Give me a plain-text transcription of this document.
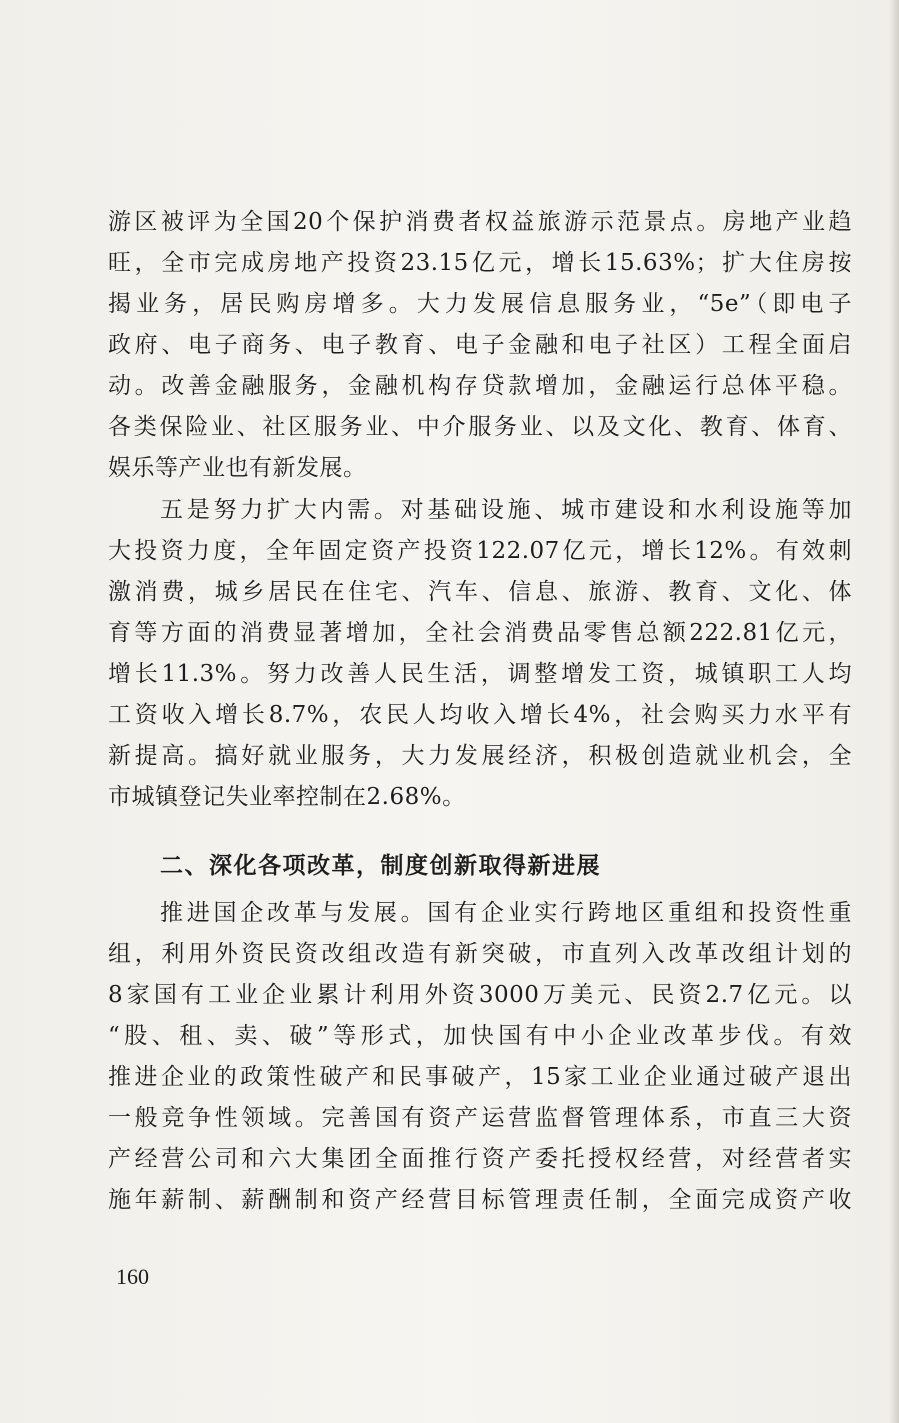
游区被评为全国20个保护消费者权益旅游示范景点。房地产业趋
旺，全市完成房地产投资23.15亿元，增长15.63%；扩大住房按
揭业务，居民购房增多。大力发展信息服务业，“5e”（即电子
政府、电子商务、电子教育、电子金融和电子社区）工程全面启
动。改善金融服务，金融机构存贷款增加，金融运行总体平稳。
各类保险业、社区服务业、中介服务业、以及文化、教育、体育、
娱乐等产业也有新发展。
五是努力扩大内需。对基础设施、城市建设和水利设施等加
大投资力度，全年固定资产投资122.07亿元，增长12%。有效刺
激消费，城乡居民在住宅、汽车、信息、旅游、教育、文化、体
育等方面的消费显著增加，全社会消费品零售总额222.81亿元，
增长11.3%。努力改善人民生活，调整增发工资，城镇职工人均
工资收入增长8.7%，农民人均收入增长4%，社会购买力水平有
新提高。搞好就业服务，大力发展经济，积极创造就业机会，全
市城镇登记失业率控制在2.68%。
二、深化各项改革，制度创新取得新进展
推进国企改革与发展。国有企业实行跨地区重组和投资性重
组，利用外资民资改组改造有新突破，市直列入改革改组计划的
8家国有工业企业累计利用外资3000万美元、民资2.7亿元。以
“股、租、卖、破”等形式，加快国有中小企业改革步伐。有效
推进企业的政策性破产和民事破产，15家工业企业通过破产退出
一般竞争性领域。完善国有资产运营监督管理体系，市直三大资
产经营公司和六大集团全面推行资产委托授权经营，对经营者实
施年薪制、薪酬制和资产经营目标管理责任制，全面完成资产收
160
